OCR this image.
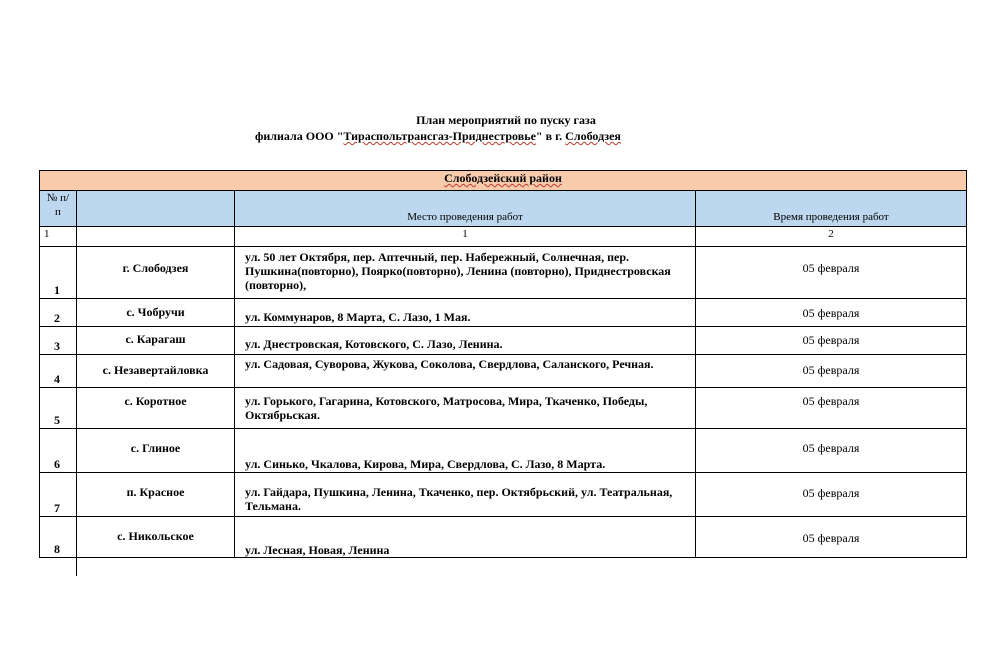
План мероприятий по пуску газа
филиала ООО "Тираспольтрансгаз-Приднестровье" в г. Слободзея
Слободзейский район			
№ п/п		Место проведения работ	Время проведения работ
1		1	2
1	г. Слободзея	ул. 50 лет Октября, пер. Аптечный, пер. Набережный, Солнечная, пер. Пушкина(повторно), Поярко(повторно), Ленина (повторно), Приднестровская (повторно),	05 февраля
2	с. Чобручи	ул. Коммунаров, 8 Марта, С. Лазо, 1 Мая.	05 февраля
3	с. Карагаш	ул. Днестровская, Котовского, С. Лазо, Ленина.	05 февраля
4	с. Незавертайловка	ул. Садовая, Суворова, Жукова, Соколова, Свердлова, Саланского, Речная.	05 февраля
5	с. Коротное	ул. Горького, Гагарина, Котовского, Матросова, Мира, Ткаченко, Победы, Октябрьская.	05 февраля
6	с. Глиное	ул. Синько, Чкалова, Кирова, Мира, Свердлова, С. Лазо, 8 Марта.	05 февраля
7	п. Красное	ул. Гайдара, Пушкина, Ленина, Ткаченко, пер. Октябрьский, ул. Театральная, Тельмана.	05 февраля
8	с. Никольское	ул. Лесная, Новая, Ленина	05 февраля
